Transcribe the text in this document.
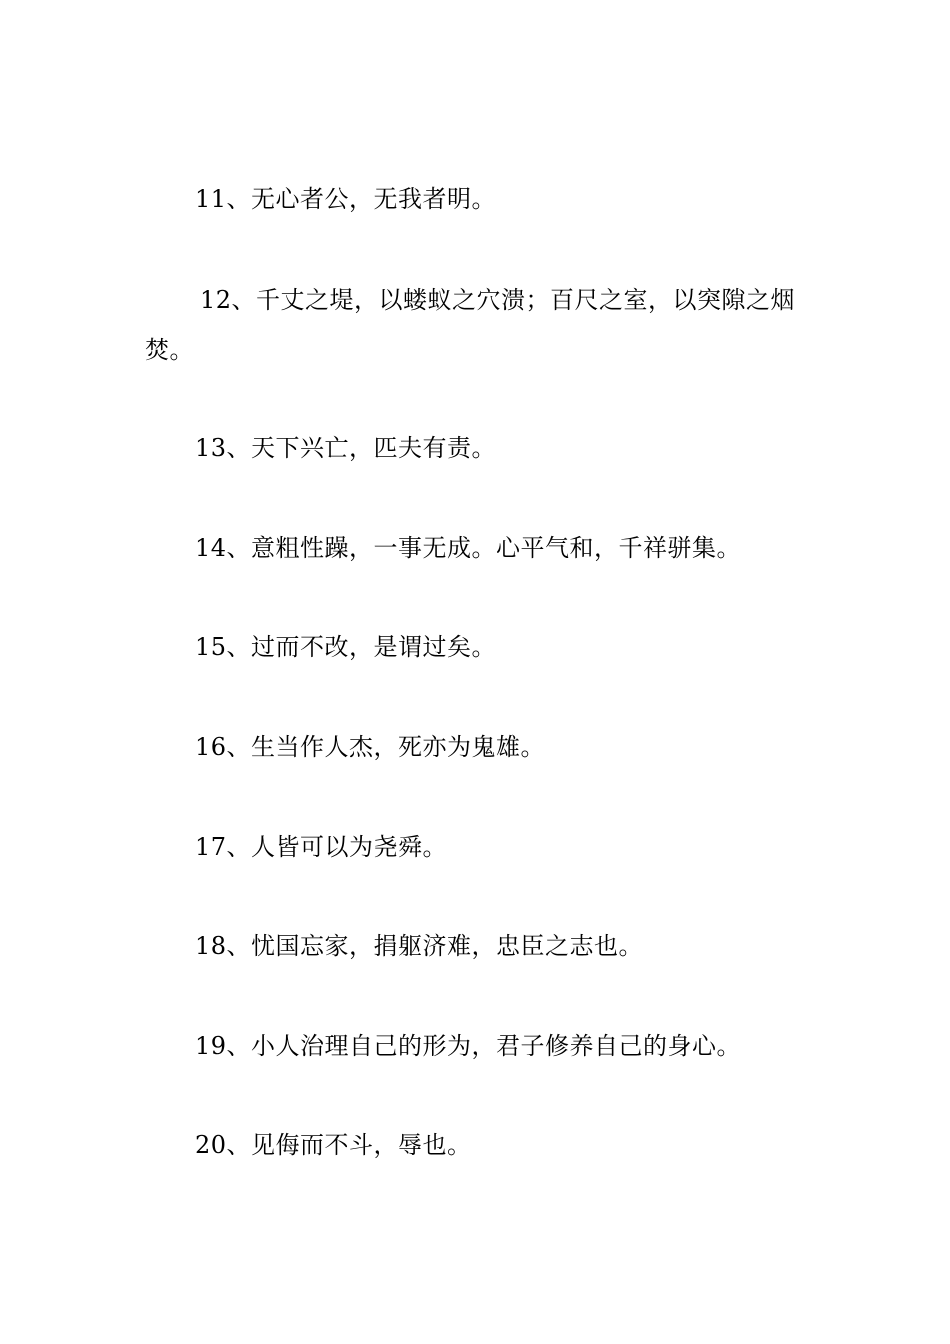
11、无心者公，无我者明。

12、千丈之堤，以蝼蚁之穴溃；百尺之室，以突隙之烟焚。

13、天下兴亡，匹夫有责。

14、意粗性躁，一事无成。心平气和，千祥骈集。

15、过而不改，是谓过矣。

16、生当作人杰，死亦为鬼雄。

17、人皆可以为尧舜。

18、忧国忘家，捐躯济难，忠臣之志也。

19、小人治理自己的形为，君子修养自己的身心。

20、见侮而不斗，辱也。
